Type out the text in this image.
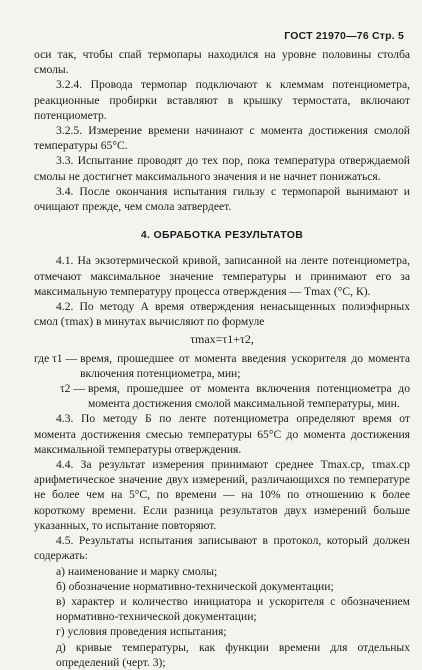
ГОСТ 21970—76 Стр. 5

оси так, чтобы спай термопары находился на уровне половины столба смолы.

3.2.4. Провода термопар подключают к клеммам потенциометра, реакционные пробирки вставляют в крышку термостата, включают потенциометр.

3.2.5. Измерение времени начинают с момента достижения смолой температуры 65°С.

3.3. Испытание проводят до тех пор, пока температура отверждаемой смолы не достигнет максимального значения и не начнет понижаться.

3.4. После окончания испытания гильзу с термопарой вынимают и очищают прежде, чем смола затвердеет.

4. ОБРАБОТКА РЕЗУЛЬТАТОВ

4.1. На экзотермической кривой, записанной на ленте потенциометра, отмечают максимальное значение температуры и принимают его за максимальную температуру процесса отверждения — Tmax (°С, К).

4.2. По методу А время отверждения ненасыщенных полиэфирных смол (τmax) в минутах вычисляют по формуле

τmax=τ1+τ2,
где τ1 — время, прошедшее от момента введения ускорителя до момента включения потенциометра, мин;
τ2 — время, прошедшее от момента включения потенциометра до момента достижения смолой максимальной температуры, мин.

4.3. По методу Б по ленте потенциометра определяют время от момента достижения смесью температуры 65°С до момента достижения максимальной температуры отверждения.

4.4. За результат измерения принимают среднее Tmax.ср, τmax.ср арифметическое значение двух измерений, различающихся по температуре не более чем на 5°С, по времени — на 10% по отношению к более короткому времени. Если разница результатов двух измерений больше указанных, то испытание повторяют.

4.5. Результаты испытания записывают в протокол, который должен содержать:

а) наименование и марку смолы;

б) обозначение нормативно-технической документации;

в) характер и количество инициатора и ускорителя с обозначением нормативно-технической документации;

г) условия проведения испытания;

д) кривые температуры, как функции времени для отдельных определений (черт. 3);
